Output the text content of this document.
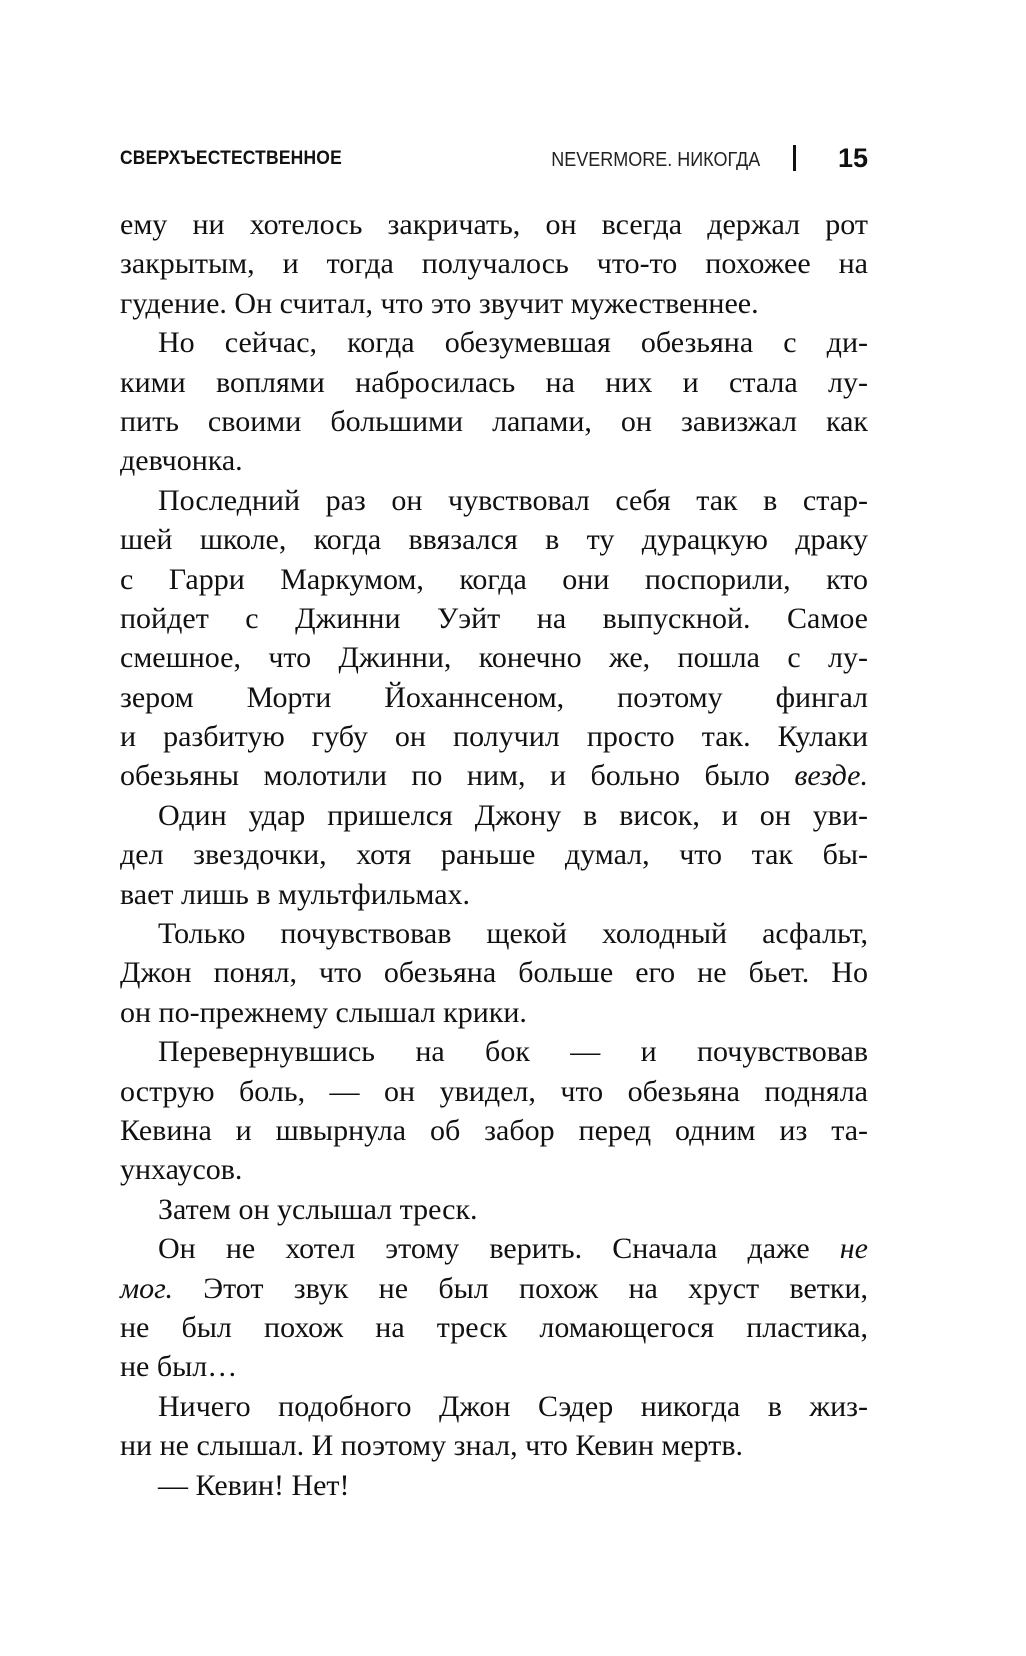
СВЕРХЪЕСТЕСТВЕННОЕ	NEVERMORE. НИКОГДА	15
ему ни хотелось закричать, он всегда держал рот
закрытым, и тогда получалось что-то похожее на
гудение. Он считал, что это звучит мужественнее.
Но сейчас, когда обезумевшая обезьяна с ди-
кими воплями набросилась на них и стала лу-
пить своими большими лапами, он завизжал как
девчонка.
Последний раз он чувствовал себя так в стар-
шей школе, когда ввязался в ту дурацкую драку
с Гарри Маркумом, когда они поспорили, кто
пойдет с Джинни Уэйт на выпускной. Самое
смешное, что Джинни, конечно же, пошла с лу-
зером Морти Йоханнсеном, поэтому фингал
и разбитую губу он получил просто так. Кулаки
обезьяны молотили по ним, и больно было везде.
Один удар пришелся Джону в висок, и он уви-
дел звездочки, хотя раньше думал, что так бы-
вает лишь в мультфильмах.
Только почувствовав щекой холодный асфальт,
Джон понял, что обезьяна больше его не бьет. Но
он по-прежнему слышал крики.
Перевернувшись на бок — и почувствовав
острую боль, — он увидел, что обезьяна подняла
Кевина и швырнула об забор перед одним из та-
унхаусов.
Затем он услышал треск.
Он не хотел этому верить. Сначала даже не
мог. Этот звук не был похож на хруст ветки,
не был похож на треск ломающегося пластика,
не был…
Ничего подобного Джон Сэдер никогда в жиз-
ни не слышал. И поэтому знал, что Кевин мертв.
— Кевин! Нет!
